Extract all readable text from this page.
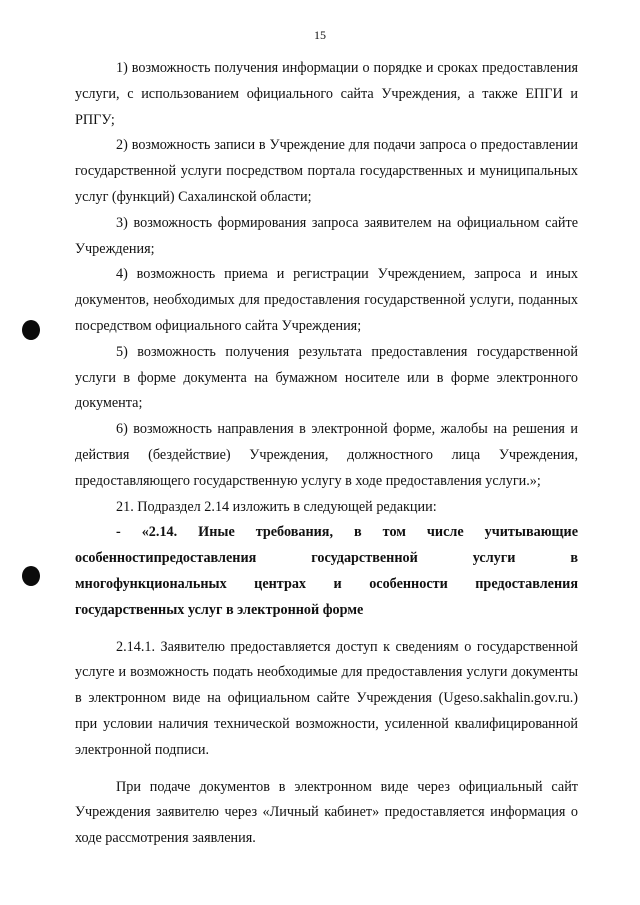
15

1) возможность получения информации о порядке и сроках предоставления услуги, с использованием официального сайта Учреждения, а также ЕПГИ и РПГУ;

2) возможность записи в Учреждение для подачи запроса о предоставлении государственной услуги посредством портала государственных и муниципальных услуг (функций) Сахалинской области;

3) возможность формирования запроса заявителем на официальном сайте Учреждения;

4) возможность приема и регистрации Учреждением, запроса и иных документов, необходимых для предоставления государственной услуги, поданных посредством официального сайта Учреждения;

5) возможность получения результата предоставления государственной услуги в форме документа на бумажном носителе или в форме электронного документа;

6) возможность направления в электронной форме, жалобы на решения и действия (бездействие) Учреждения, должностного лица Учреждения, предоставляющего государственную услугу в ходе предоставления услуги.»;

21. Подраздел 2.14 изложить в следующей редакции:

- «2.14. Иные требования, в том числе учитывающие особенностипредоставления государственной услуги в многофункциональных центрах и особенности предоставления государственных услуг в электронной форме

2.14.1. Заявителю предоставляется доступ к сведениям о государственной услуге и возможность подать необходимые для предоставления услуги документы в электронном виде на официальном сайте Учреждения (Ugeso.sakhalin.gov.ru.) при условии наличия технической возможности, усиленной квалифицированной электронной подписи.

При подаче документов в электронном виде через официальный сайт Учреждения заявителю через «Личный кабинет» предоставляется информация о ходе рассмотрения заявления.
